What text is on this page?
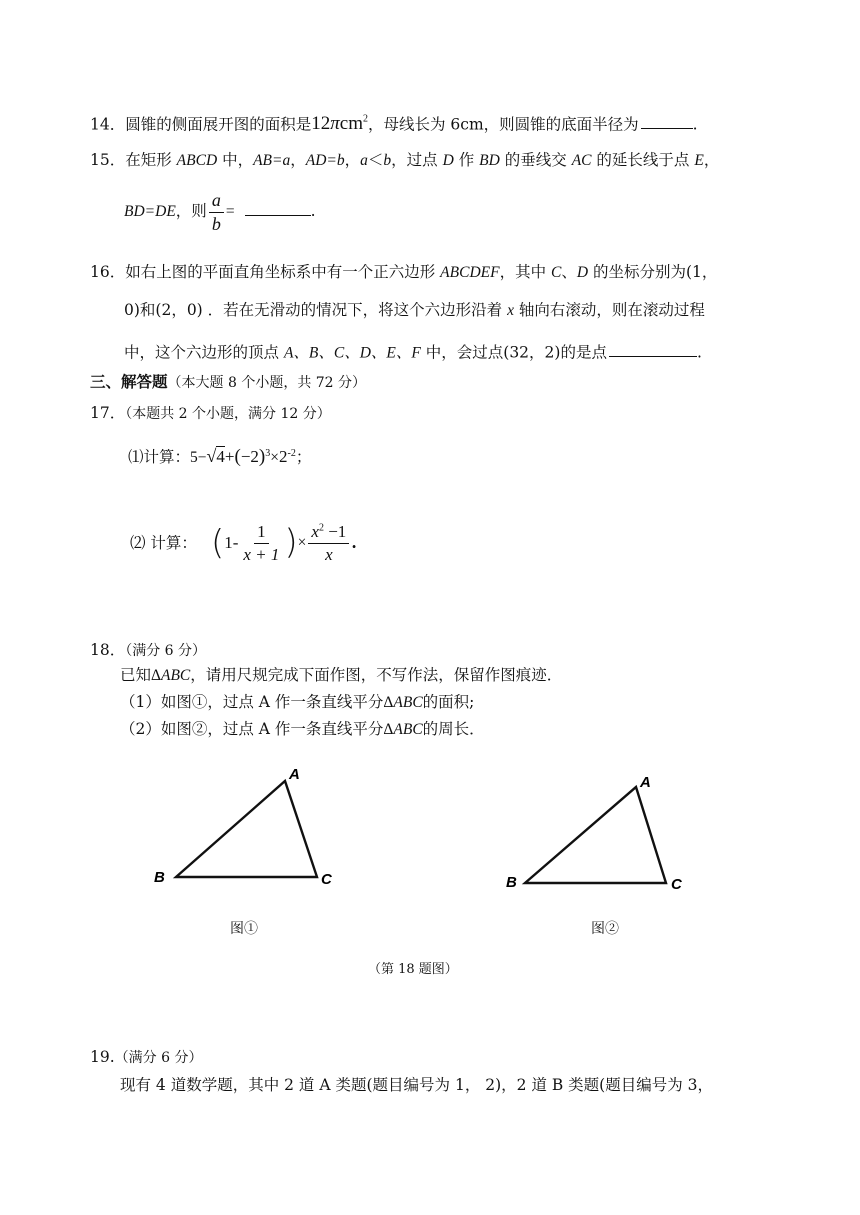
14．圆锥的侧面展开图的面积是12πcm$^2$，母线长为 6cm，则圆锥的底面半径为	.
15．在矩形 ABCD 中，AB=a，AD=b，a＜b，过点 D 作 BD 的垂线交 AC 的延长线于点 E，
BD=DE，则 $\frac{a}{b}$ =	.
16．如右上图的平面直角坐标系中有一个正六边形 ABCDEF，其中 C、D 的坐标分别为(1，
0)和(2，0) ．若在无滑动的情况下，将这个六边形沿着 x 轴向右滚动，则在滚动过程
中，这个六边形的顶点 A、B、C、D、E、F 中，会过点(32，2)的是点	.
三、解答题（本大题 8 个小题，共 72 分）
17．（本题共 2 个小题，满分 12 分）
⑴计算：$5-√4+(-2)^3\times 2^{-2}$；
⑵ 计算： ($1- \frac{1}{x + 1}$ )× $\frac{x^2 -1}{x}$ .
18．（满分 6 分）
已知ΔABC，请用尺规完成下面作图，不写作法，保留作图痕迹．
（1）如图①，过点 A 作一条直线平分ΔABC的面积;
（2）如图②，过点 A 作一条直线平分ΔABC的周长．
A
B	C
A
B	C
图①	图②
（第 18 题图）
19.（满分 6 分）
现有 4 道数学题，其中 2 道 A 类题(题目编号为 1， 2)，2 道 B 类题(题目编号为 3，
